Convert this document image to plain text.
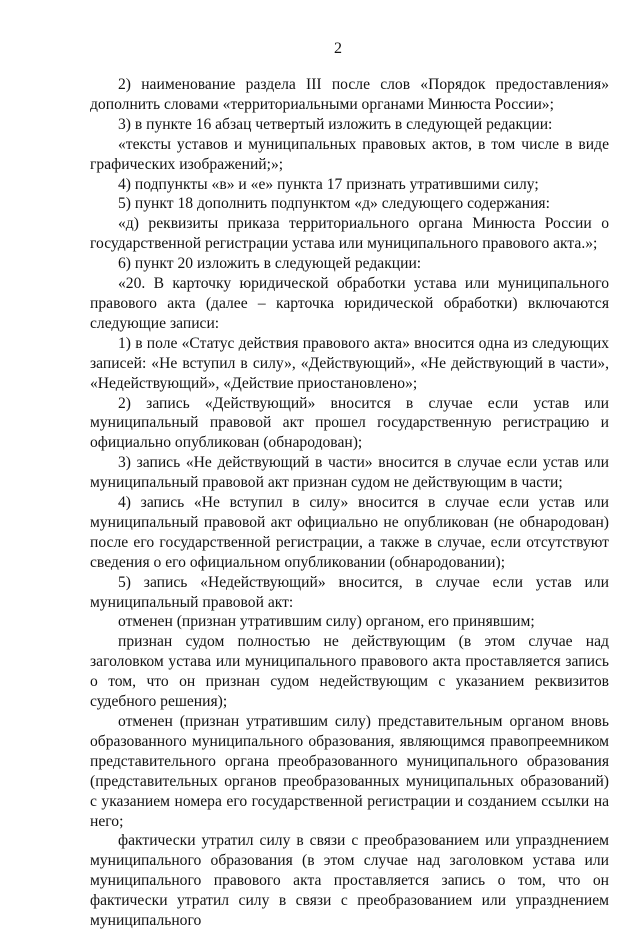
2

2) наименование раздела III после слов «Порядок предоставления» дополнить словами «территориальными органами Минюста России»;

3) в пункте 16 абзац четвертый изложить в следующей редакции:

«тексты уставов и муниципальных правовых актов, в том числе в виде графических изображений;»;

4) подпункты «в» и «е» пункта 17 признать утратившими силу;

5) пункт 18 дополнить подпунктом «д» следующего содержания:

«д) реквизиты приказа территориального органа Минюста России о государственной регистрации устава или муниципального правового акта.»;

6) пункт 20 изложить в следующей редакции:

«20. В карточку юридической обработки устава или муниципального правового акта (далее – карточка юридической обработки) включаются следующие записи:

1) в поле «Статус действия правового акта» вносится одна из следующих записей: «Не вступил в силу», «Действующий», «Не действующий в части», «Недействующий», «Действие приостановлено»;

2) запись «Действующий» вносится в случае если устав или муниципальный правовой акт прошел государственную регистрацию и официально опубликован (обнародован);

3) запись «Не действующий в части» вносится в случае если устав или муниципальный правовой акт признан судом не действующим в части;

4) запись «Не вступил в силу» вносится в случае если устав или муниципальный правовой акт официально не опубликован (не обнародован) после его государственной регистрации, а также в случае, если отсутствуют сведения о его официальном опубликовании (обнародовании);

5) запись «Недействующий» вносится, в случае если устав или муниципальный правовой акт:

отменен (признан утратившим силу) органом, его принявшим;

признан судом полностью не действующим (в этом случае над заголовком устава или муниципального правового акта проставляется запись о том, что он признан судом недействующим с указанием реквизитов судебного решения);

отменен (признан утратившим силу) представительным органом вновь образованного муниципального образования, являющимся правопреемником представительного органа преобразованного муниципального образования (представительных органов преобразованных муниципальных образований) с указанием номера его государственной регистрации и созданием ссылки на него;

фактически утратил силу в связи с преобразованием или упразднением муниципального образования (в этом случае над заголовком устава или муниципального правового акта проставляется запись о том, что он фактически утратил силу в связи с преобразованием или упразднением муниципального
